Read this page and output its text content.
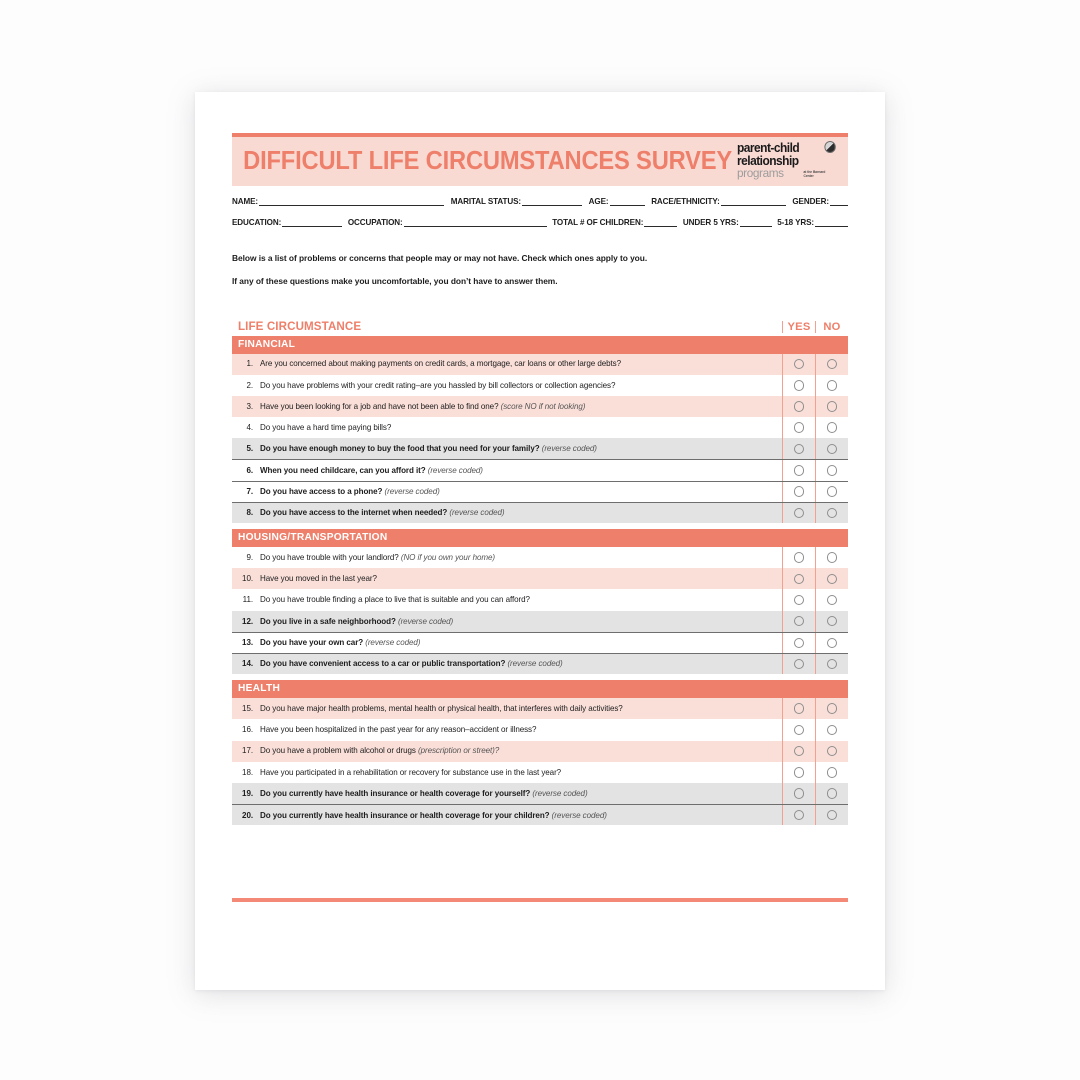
DIFFICULT LIFE CIRCUMSTANCES SURVEY parent-child
relationship
programs	at the Barnard Center
NAME:	MARITAL STATUS:	AGE:	RACE/ETHNICITY:	GENDER:
EDUCATION:	OCCUPATION:	TOTAL # OF CHILDREN:	UNDER 5 YRS:	5-18 YRS:
Below is a list of problems or concerns that people may or may not have. Check which ones apply to you.
If any of these questions make you uncomfortable, you don’t have to answer them.
LIFE CIRCUMSTANCE	YES	NO
FINANCIAL
1. Are you concerned about making payments on credit cards, a mortgage, car loans or other large debts?
2. Do you have problems with your credit rating–are you hassled by bill collectors or collection agencies?
3. Have you been looking for a job and have not been able to find one? (score NO if not looking)
4. Do you have a hard time paying bills?
5. Do you have enough money to buy the food that you need for your family? (reverse coded)
6. When you need childcare, can you afford it? (reverse coded)
7. Do you have access to a phone? (reverse coded)
8. Do you have access to the internet when needed? (reverse coded)
HOUSING/TRANSPORTATION
9. Do you have trouble with your landlord? (NO if you own your home)
10. Have you moved in the last year?
11. Do you have trouble finding a place to live that is suitable and you can afford?
12. Do you live in a safe neighborhood? (reverse coded)
13. Do you have your own car? (reverse coded)
14. Do you have convenient access to a car or public transportation? (reverse coded)
HEALTH
15. Do you have major health problems, mental health or physical health, that interferes with daily activities?
16. Have you been hospitalized in the past year for any reason–accident or illness?
17. Do you have a problem with alcohol or drugs (prescription or street)?
18. Have you participated in a rehabilitation or recovery for substance use in the last year?
19. Do you currently have health insurance or health coverage for yourself? (reverse coded)
20. Do you currently have health insurance or health coverage for your children? (reverse coded)
